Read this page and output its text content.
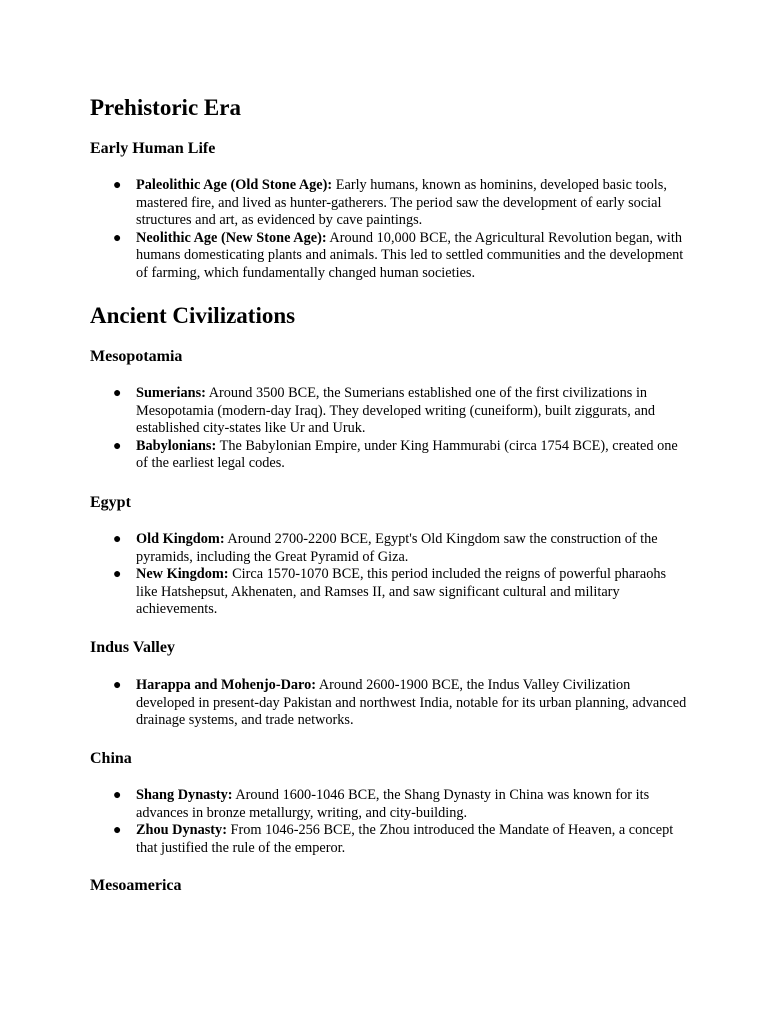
Prehistoric Era
Early Human Life
● Paleolithic Age (Old Stone Age): Early humans, known as hominins, developed basic tools, mastered fire, and lived as hunter-gatherers. The period saw the development of early social structures and art, as evidenced by cave paintings.
● Neolithic Age (New Stone Age): Around 10,000 BCE, the Agricultural Revolution began, with humans domesticating plants and animals. This led to settled communities and the development of farming, which fundamentally changed human societies.
Ancient Civilizations
Mesopotamia
● Sumerians: Around 3500 BCE, the Sumerians established one of the first civilizations in Mesopotamia (modern-day Iraq). They developed writing (cuneiform), built ziggurats, and established city-states like Ur and Uruk.
● Babylonians: The Babylonian Empire, under King Hammurabi (circa 1754 BCE), created one of the earliest legal codes.
Egypt
● Old Kingdom: Around 2700-2200 BCE, Egypt's Old Kingdom saw the construction of the pyramids, including the Great Pyramid of Giza.
● New Kingdom: Circa 1570-1070 BCE, this period included the reigns of powerful pharaohs like Hatshepsut, Akhenaten, and Ramses II, and saw significant cultural and military achievements.
Indus Valley
● Harappa and Mohenjo-Daro: Around 2600-1900 BCE, the Indus Valley Civilization developed in present-day Pakistan and northwest India, notable for its urban planning, advanced drainage systems, and trade networks.
China
● Shang Dynasty: Around 1600-1046 BCE, the Shang Dynasty in China was known for its advances in bronze metallurgy, writing, and city-building.
● Zhou Dynasty: From 1046-256 BCE, the Zhou introduced the Mandate of Heaven, a concept that justified the rule of the emperor.
Mesoamerica
